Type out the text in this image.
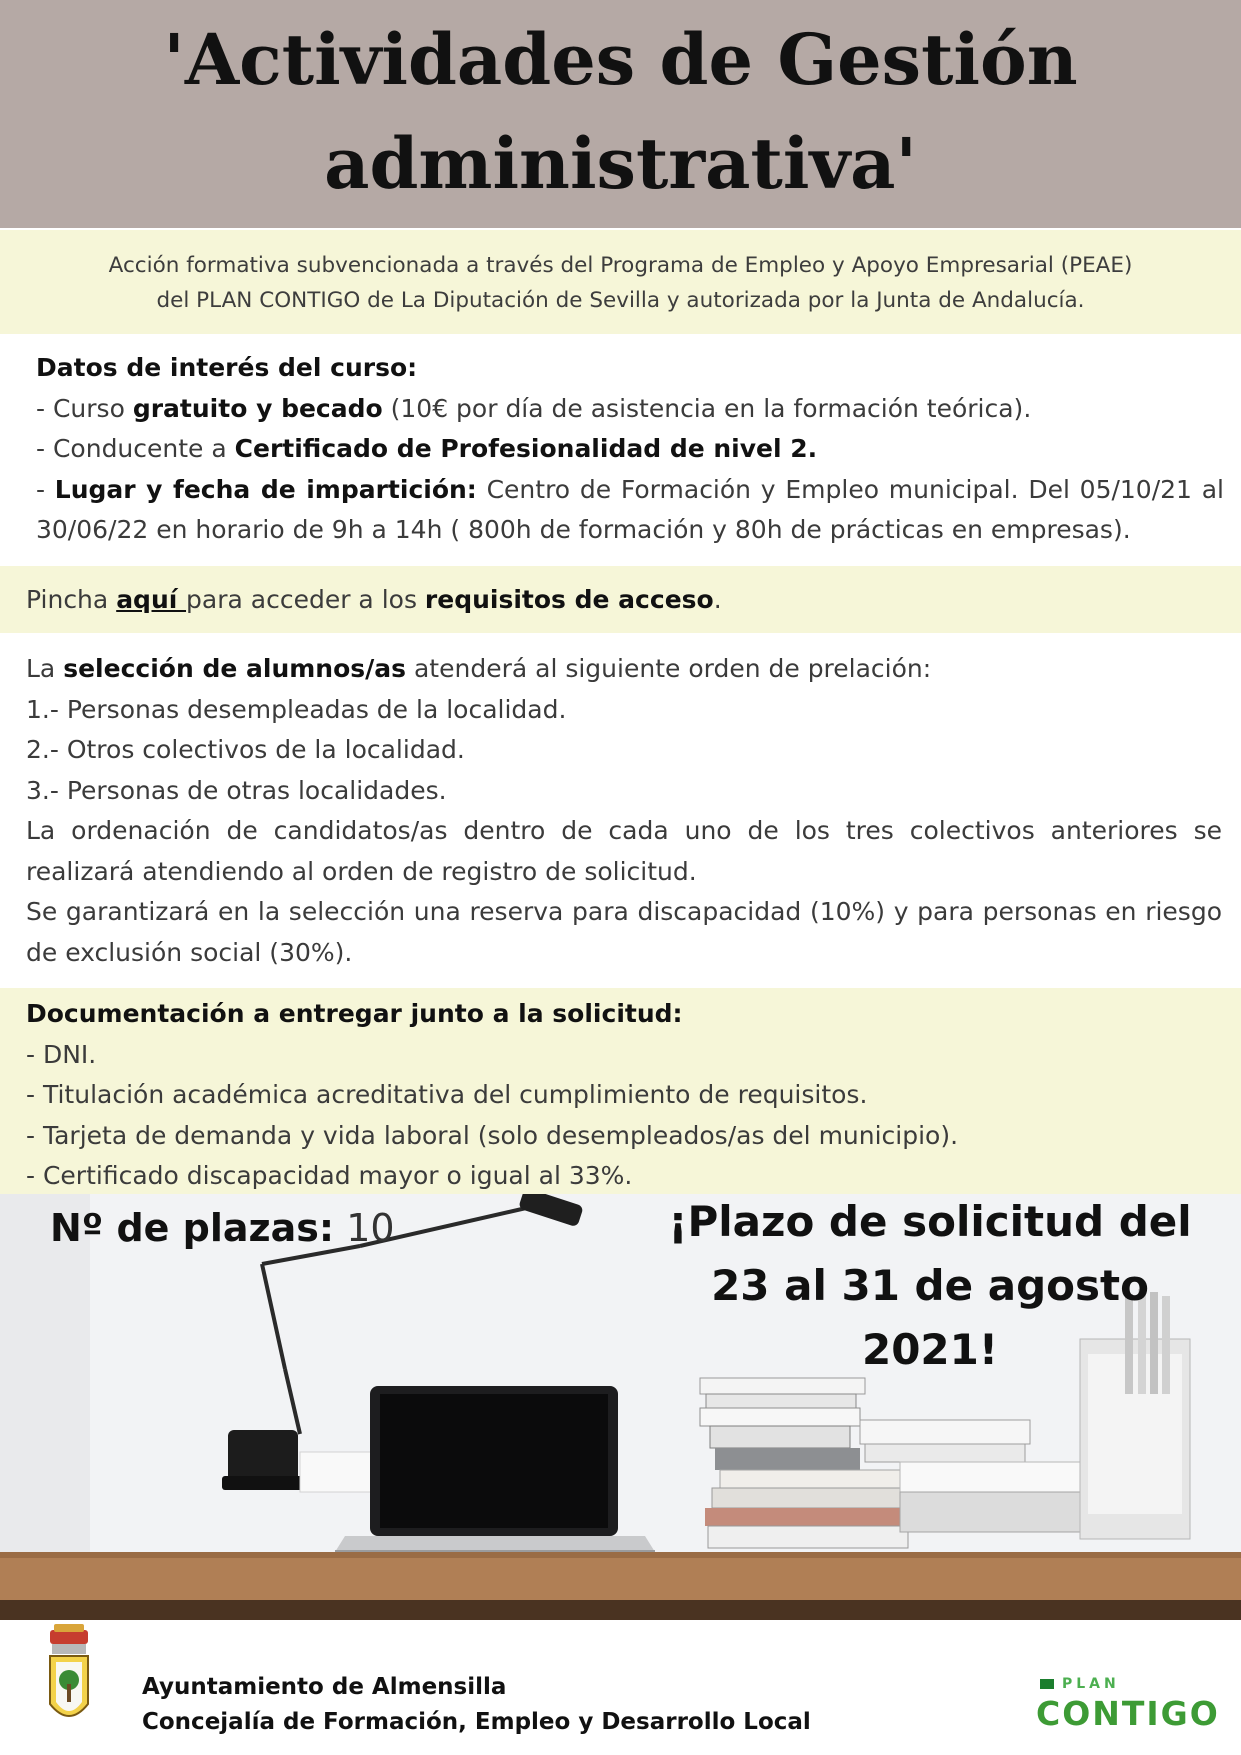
'Actividades de Gestión
administrativa'

Acción formativa subvencionada a través del Programa de Empleo y Apoyo Empresarial (PEAE)
del PLAN CONTIGO de La Diputación de Sevilla y autorizada por la Junta de Andalucía.

Datos de interés del curso:
- Curso gratuito y becado (10€ por día de asistencia en la formación teórica).
- Conducente a Certificado de Profesionalidad de nivel 2.
- Lugar y fecha de impartición: Centro de Formación y Empleo municipal. Del 05/10/21 al 30/06/22 en horario de 9h a 14h ( 800h de formación y 80h de prácticas en empresas).
Pincha aquí para acceder a los requisitos de acceso.
La selección de alumnos/as atenderá al siguiente orden de prelación:
1.- Personas desempleadas de la localidad.
2.- Otros colectivos de la localidad.
3.- Personas de otras localidades.
La ordenación de candidatos/as dentro de cada uno de los tres colectivos anteriores se realizará atendiendo al orden de registro de solicitud.
Se garantizará en la selección una reserva para discapacidad (10%) y para personas en riesgo de exclusión social (30%).
Documentación a entregar junto a la solicitud:
- DNI.
- Titulación académica acreditativa del cumplimiento de requisitos.
- Tarjeta de demanda y vida laboral (solo desempleados/as del municipio).
- Certificado discapacidad mayor o igual al 33%.
Nº de plazas: 10	¡Plazo de solicitud del
23 al 31 de agosto 2021!
Ayuntamiento de Almensilla
Concejalía de Formación, Empleo y Desarrollo Local
PLAN
CONTIGO
